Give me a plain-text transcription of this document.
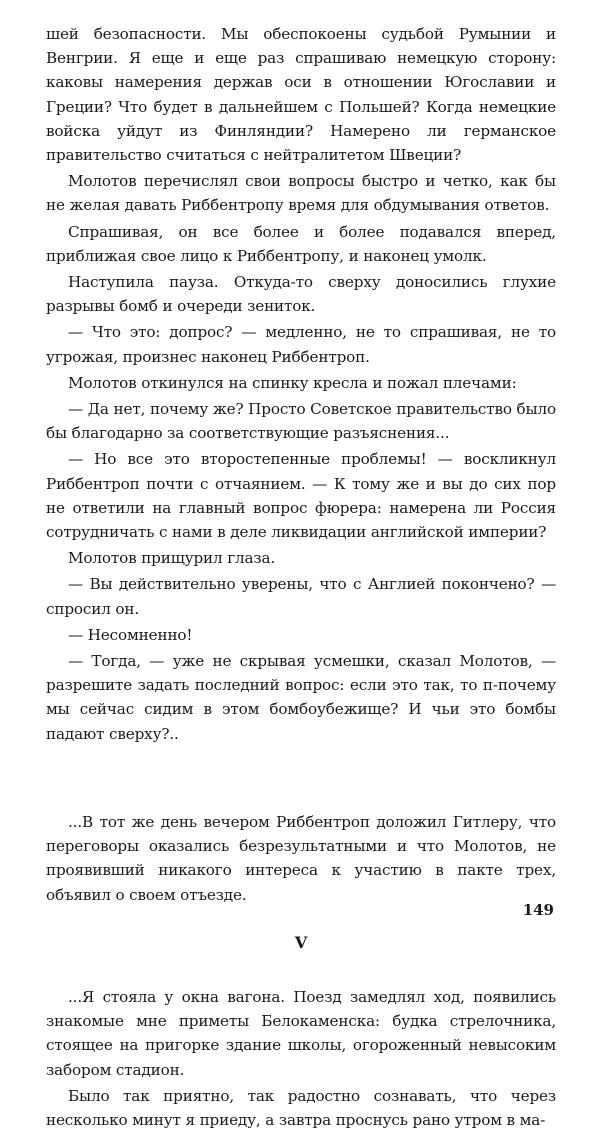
шей безопасности. Мы обеспокоены судьбой Румынии и Венгрии. Я еще и еще раз спрашиваю немецкую сторону: каковы намерения держав оси в отношении Югославии и Греции? Что будет в дальнейшем с Польшей? Когда немецкие войска уйдут из Финляндии? Намерено ли германское правительство считаться с нейтралитетом Швеции?

Молотов перечислял свои вопросы быстро и четко, как бы не желая давать Риббентропу время для обдумывания ответов.

Спрашивая, он все более и более подавался вперед, приближая свое лицо к Риббентропу, и наконец умолк.

Наступила пауза. Откуда-то сверху доносились глухие разрывы бомб и очереди зениток.

— Что это: допрос? — медленно, не то спрашивая, не то угрожая, произнес наконец Риббентроп.

Молотов откинулся на спинку кресла и пожал плечами:

— Да нет, почему же? Просто Советское правительство было бы благодарно за соответствующие разъяснения...

— Но все это второстепенные проблемы! — воскликнул Риббентроп почти с отчаянием. — К тому же и вы до сих пор не ответили на главный вопрос фюрера: намерена ли Россия сотрудничать с нами в деле ликвидации английской империи?

Молотов прищурил глаза.

— Вы действительно уверены, что с Англией покончено? — спросил он.

— Несомненно!

— Тогда, — уже не скрывая усмешки, сказал Молотов, — разрешите задать последний вопрос: если это так, то п-почему мы сейчас сидим в этом бомбоубежище? И чьи это бомбы падают сверху?..

...В тот же день вечером Риббентроп доложил Гитлеру, что переговоры оказались безрезультатными и что Молотов, не проявивший никакого интереса к участию в пакте трех, объявил о своем отъезде.

V

...Я стояла у окна вагона. Поезд замедлял ход, появились знакомые мне приметы Белокаменска: будка стрелочника, стоящее на пригорке здание школы, огороженный невысоким забором стадион.

Было так приятно, так радостно сознавать, что через несколько минут я приеду, а завтра проснусь рано утром в ма-

149
